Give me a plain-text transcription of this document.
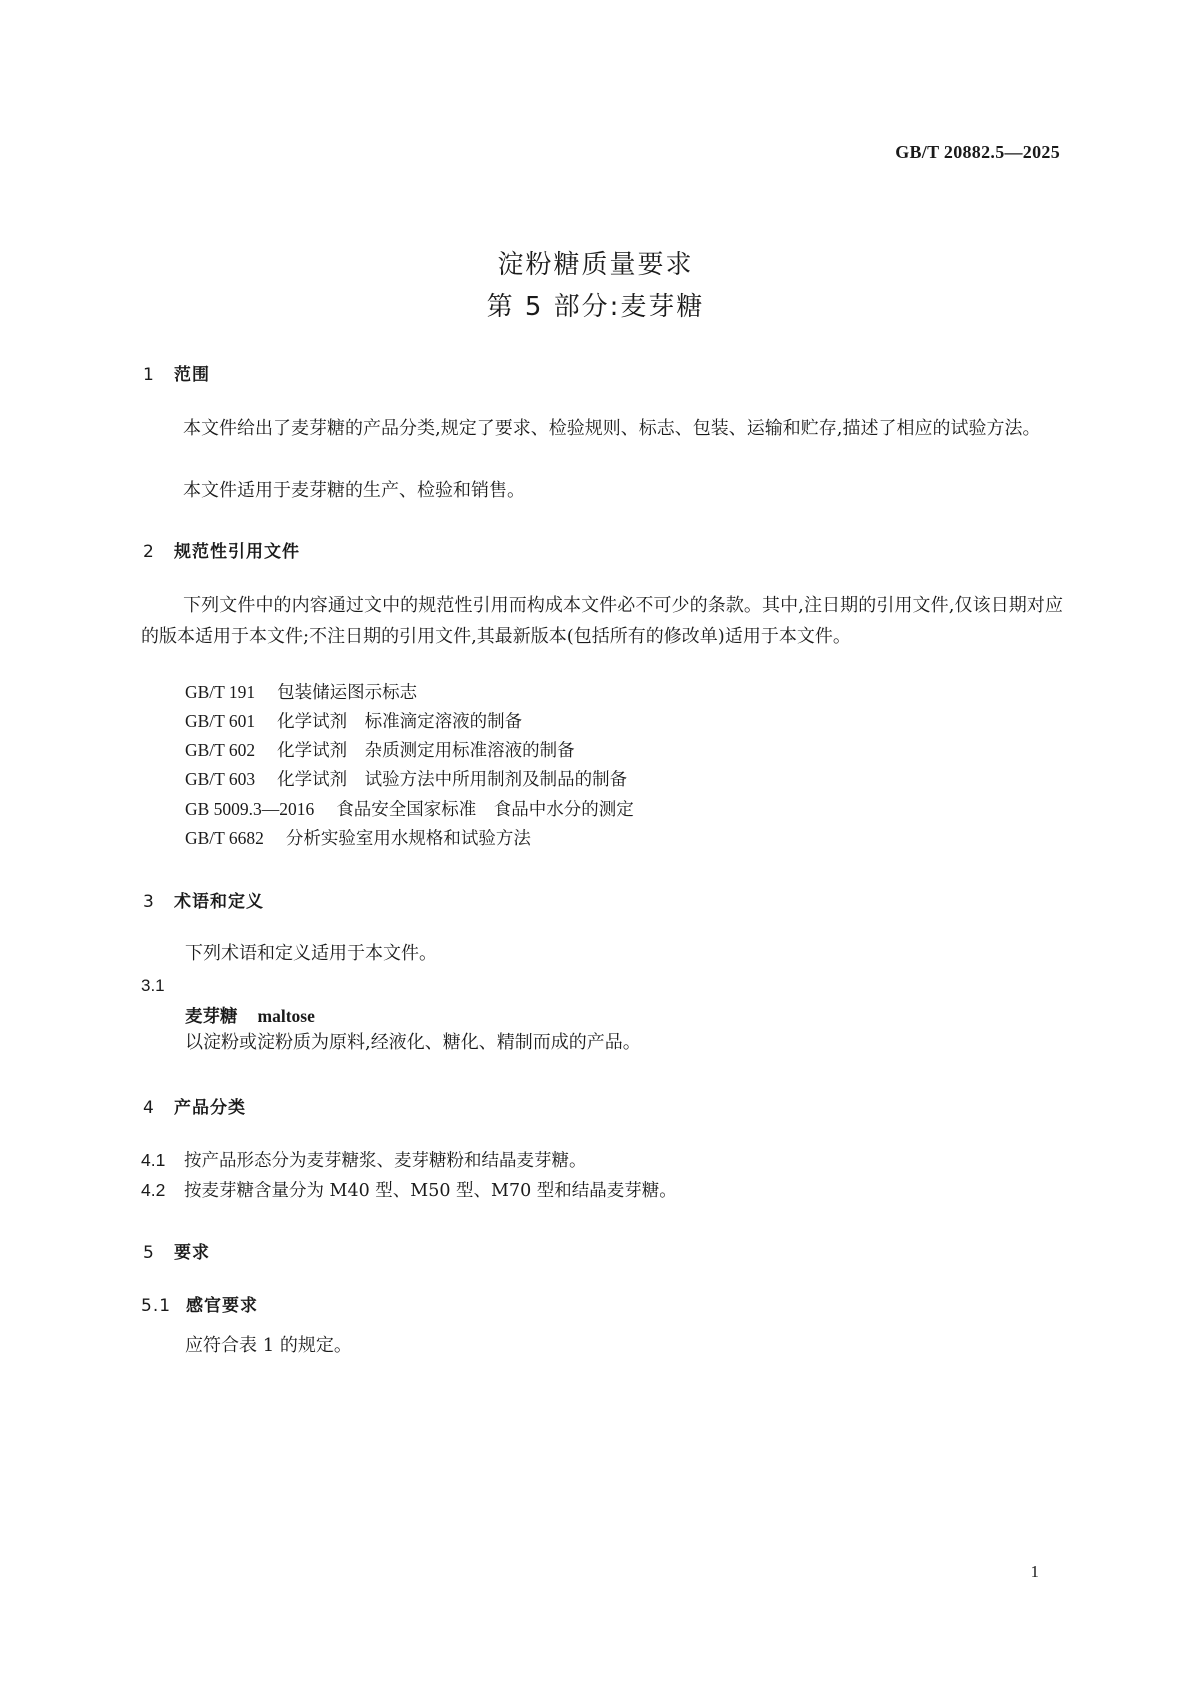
GB/T 20882.5—2025
淀粉糖质量要求
第 5 部分:麦芽糖
1 范围
本文件给出了麦芽糖的产品分类,规定了要求、检验规则、标志、包装、运输和贮存,描述了相应的试验方法。
本文件适用于麦芽糖的生产、检验和销售。
2 规范性引用文件
下列文件中的内容通过文中的规范性引用而构成本文件必不可少的条款。其中,注日期的引用文件,仅该日期对应的版本适用于本文件;不注日期的引用文件,其最新版本(包括所有的修改单)适用于本文件。
GB/T 191 包装储运图示标志
GB/T 601 化学试剂　标准滴定溶液的制备
GB/T 602 化学试剂　杂质测定用标准溶液的制备
GB/T 603 化学试剂　试验方法中所用制剂及制品的制备
GB 5009.3—2016 食品安全国家标准　食品中水分的测定
GB/T 6682 分析实验室用水规格和试验方法
3 术语和定义
下列术语和定义适用于本文件。
3.1
麦芽糖 maltose
以淀粉或淀粉质为原料,经液化、糖化、精制而成的产品。
4 产品分类
4.1 按产品形态分为麦芽糖浆、麦芽糖粉和结晶麦芽糖。
4.2 按麦芽糖含量分为 M40 型、M50 型、M70 型和结晶麦芽糖。
5 要求
5.1 感官要求
应符合表 1 的规定。
1
